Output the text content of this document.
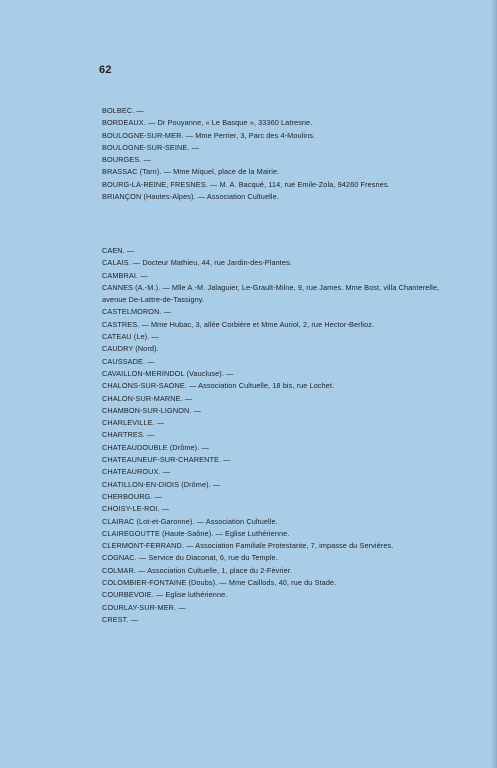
62
BOLBEC. —
BORDEAUX. — Dr Pouyanne, « Le Basque », 33360 Latresne.
BOULOGNE-SUR-MER. — Mme Perrier, 3, Parc des 4-Moulins.
BOULOGNE-SUR-SEINE. —
BOURGES. —
BRASSAC (Tarn). — Mme Miquel, place de la Mairie.
BOURG-LA-REINE, FRESNES. — M. A. Bacqué, 114, rue Emile-Zola, 94260 Fresnes.
BRIANÇON (Hautes-Alpes). — Association Cultuelle.
CAEN. —
CALAIS. — Docteur Mathieu, 44, rue Jardin-des-Plantes.
CAMBRAI. —
CANNES (A.-M.). — Mlle A.-M. Jalaguier, Le-Grault-Milne, 9, rue James. Mme Bost, villa Chanterelle, avenue De-Lattre-de-Tassigny.
CASTELMORON. —
CASTRES. — Mme Hubac, 3, allée Corbière et Mme Auriol, 2, rue Hector-Berlioz.
CATEAU (Le). —
CAUDRY (Nord).
CAUSSADE. —
CAVAILLON-MERINDOL (Vaucluse). —
CHALONS-SUR-SAONE. — Association Cultuelle, 18 bis, rue Lochet.
CHALON-SUR-MARNE. —
CHAMBON-SUR-LIGNON. —
CHARLEVILLE. —
CHARTRES. —
CHATEAUDOUBLE (Drôme). —
CHATEAUNEUF-SUR-CHARENTE. —
CHATEAUROUX. —
CHATILLON-EN-DIOIS (Drôme). —
CHERBOURG. —
CHOISY-LE-ROI. —
CLAIRAC (Lot-et-Garonne). — Association Cultuelle.
CLAIREGOUTTE (Haute-Saône). — Eglise Luthérienne.
CLERMONT-FERRAND. — Association Familiale Protestante, 7, impasse du Servières.
COGNAC. — Service du Diaconat, 6, rue du Temple.
COLMAR. — Association Cultuelle, 1, place du 2-Février.
COLOMBIER-FONTAINE (Doubs). — Mme Caillods, 40, rue du Stade.
COURBEVOIE. — Eglise luthérienne.
COURLAY-SUR-MER. —
CREST. —
